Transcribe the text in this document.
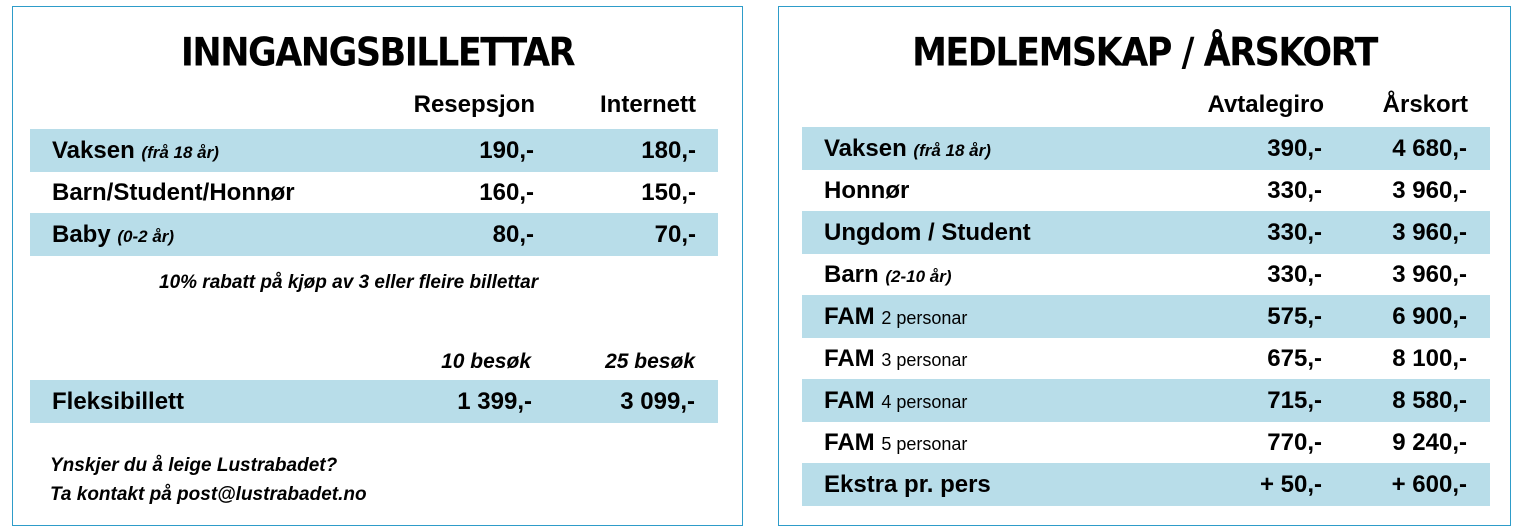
INNGANGSBILLETTAR
Resepsjon	Internett
Vaksen (frå 18 år)	190,-	180,-
Barn/Student/Honnør	160,-	150,-
Baby (0-2 år)	80,-	70,-
10% rabatt på kjøp av 3 eller fleire billettar
10 besøk	25 besøk
Fleksibillett	1 399,-	3 099,-
Ynskjer du å leige Lustrabadet?
Ta kontakt på post@lustrabadet.no
MEDLEMSKAP / ÅRSKORT
Avtalegiro	Årskort
Vaksen (frå 18 år)	390,-	4 680,-
Honnør	330,-	3 960,-
Ungdom / Student	330,-	3 960,-
Barn (2-10 år)	330,-	3 960,-
FAM 2 personar	575,-	6 900,-
FAM 3 personar	675,-	8 100,-
FAM 4 personar	715,-	8 580,-
FAM 5 personar	770,-	9 240,-
Ekstra pr. pers	+ 50,-	+ 600,-
